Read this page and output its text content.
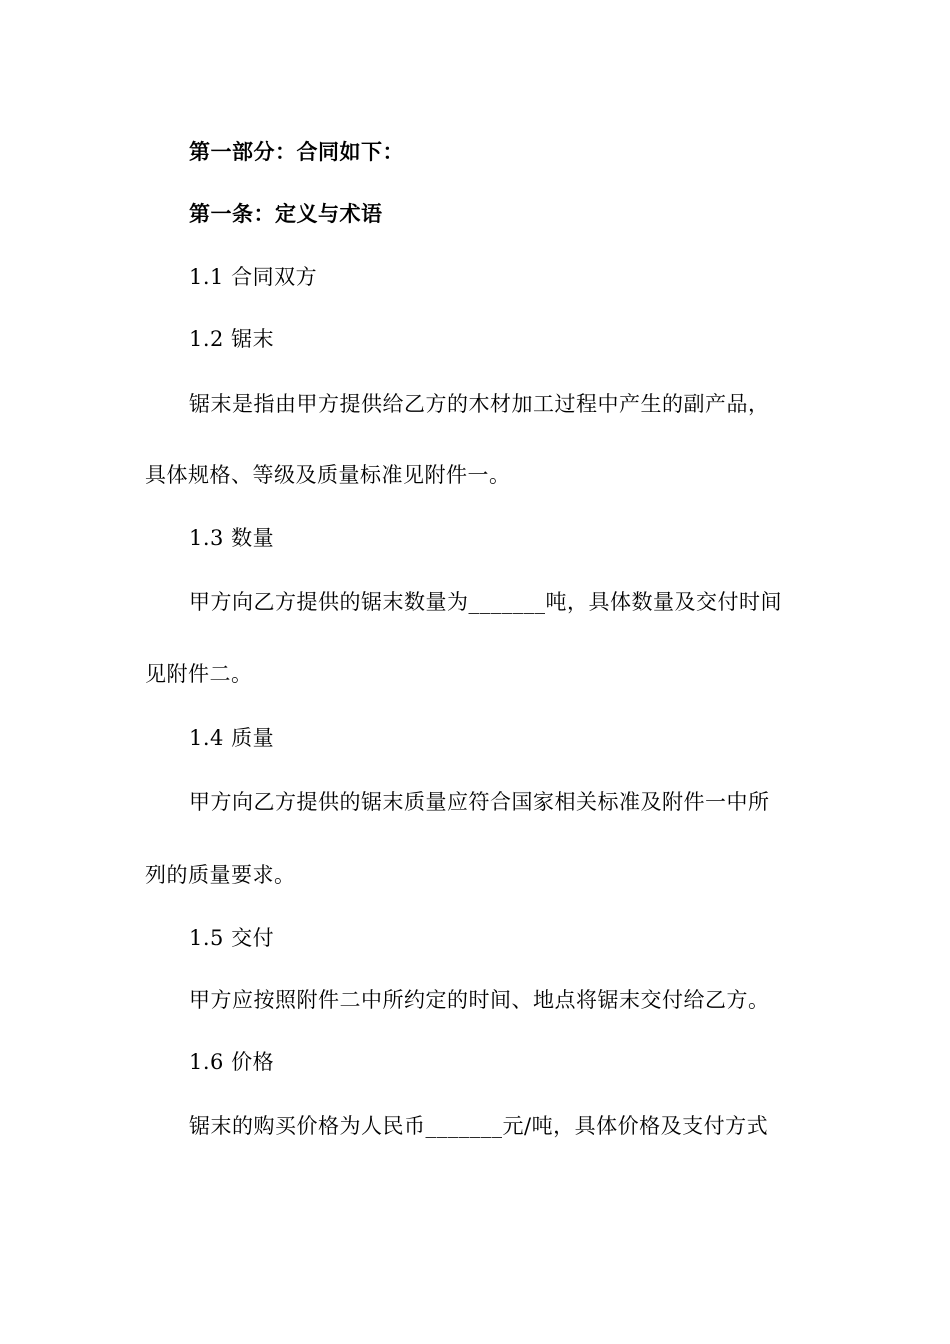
第一部分：合同如下：
第一条：定义与术语
1.1 合同双方
1.2 锯末
锯末是指由甲方提供给乙方的木材加工过程中产生的副产品，
具体规格、等级及质量标准见附件一。
1.3 数量
甲方向乙方提供的锯末数量为_______吨，具体数量及交付时间
见附件二。
1.4 质量
甲方向乙方提供的锯末质量应符合国家相关标准及附件一中所
列的质量要求。
1.5 交付
甲方应按照附件二中所约定的时间、地点将锯末交付给乙方。
1.6 价格
锯末的购买价格为人民币_______元/吨，具体价格及支付方式
